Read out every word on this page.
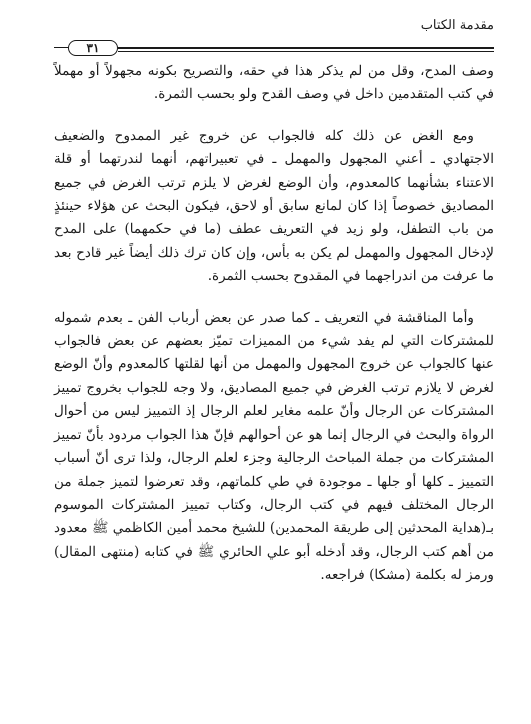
مقدمة الكتاب
٣١

وصف المدح، وقل من لم يذكر هذا في حقه، والتصريح بكونه مجهولاً أو مهملاً في كتب المتقدمين داخل في وصف القدح ولو بحسب الثمرة.

ومع الغض عن ذلك كله فالجواب عن خروج غير الممدوح والضعيف الاجتهادي ـ أعني المجهول والمهمل ـ في تعبيراتهم، أنهما لندرتهما أو قلة الاعتناء بشأنهما كالمعدوم، وأن الوضع لغرض لا يلزم ترتب الغرض في جميع المصاديق خصوصاً إذا كان لمانع سابق أو لاحق، فيكون البحث عن هؤلاء حينئذٍ من باب التطفل، ولو زيد في التعريف عطف (ما في حكمهما) على المدح لإدخال المجهول والمهمل لم يكن به بأس، وإن كان ترك ذلك أيضاً غير قادح بعد ما عرفت من اندراجهما في المقدوح بحسب الثمرة.

وأما المناقشة في التعريف ـ كما صدر عن بعض أرباب الفن ـ بعدم شموله للمشتركات التي لم يفد شيء من المميزات تميّز بعضهم عن بعض فالجواب عنها كالجواب عن خروج المجهول والمهمل من أنها لقلتها كالمعدوم وأنّ الوضع لغرض لا يلازم ترتب الغرض في جميع المصاديق، ولا وجه للجواب بخروج تمييز المشتركات عن الرجال وأنّ علمه مغاير لعلم الرجال إذ التمييز ليس من أحوال الرواة والبحث في الرجال إنما هو عن أحوالهم فإنّ هذا الجواب مردود بأنّ تمييز المشتركات من جملة المباحث الرجالية وجزء لعلم الرجال، ولذا ترى أنّ أسباب التمييز ـ كلها أو جلها ـ موجودة في طي كلماتهم، وقد تعرضوا لتميز جملة من الرجال المختلف فيهم في كتب الرجال، وكتاب تمييز المشتركات الموسوم بـ(هداية المحدثين إلى طريقة المحمدين) للشيخ محمد أمين الكاظمي ﷺ معدود من أهم كتب الرجال، وقد أدخله أبو علي الحائري ﷺ في كتابه (منتهى المقال) ورمز له بكلمة (مشكا) فراجعه.
